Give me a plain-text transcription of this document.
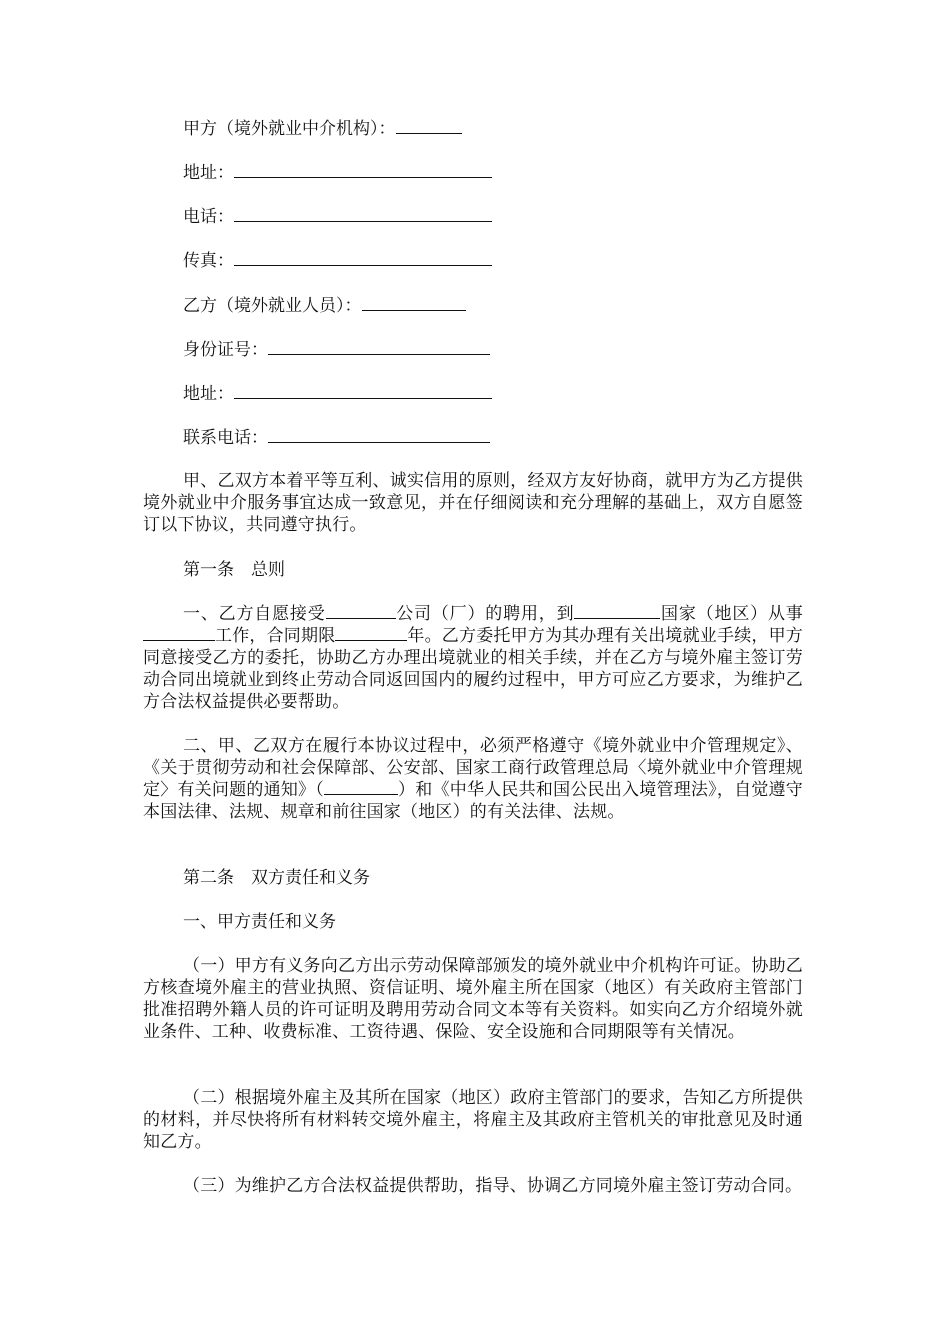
甲方（境外就业中介机构）：
地址：
电话：
传真：
乙方（境外就业人员）：
身份证号：
地址：
联系电话：

甲、乙双方本着平等互利、诚实信用的原则，经双方友好协商，就甲方为乙方提供境外就业中介服务事宜达成一致意见，并在仔细阅读和充分理解的基础上，双方自愿签订以下协议，共同遵守执行。

第一条　总则

一、乙方自愿接受	公司（厂）的聘用，到	国家（地区）从事工作，合同期限	年。乙方委托甲方为其办理有关出境就业手续，甲方同意接受乙方的委托，协助乙方办理出境就业的相关手续，并在乙方与境外雇主签订劳动合同出境就业到终止劳动合同返回国内的履约过程中，甲方可应乙方要求，为维护乙方合法权益提供必要帮助。

二、甲、乙双方在履行本协议过程中，必须严格遵守《境外就业中介管理规定》、《关于贯彻劳动和社会保障部、公安部、国家工商行政管理总局〈境外就业中介管理规定〉有关问题的通知》（	）和《中华人民共和国公民出入境管理法》，自觉遵守本国法律、法规、规章和前往国家（地区）的有关法律、法规。

第二条　双方责任和义务
一、甲方责任和义务

（一）甲方有义务向乙方出示劳动保障部颁发的境外就业中介机构许可证。协助乙方核查境外雇主的营业执照、资信证明、境外雇主所在国家（地区）有关政府主管部门批准招聘外籍人员的许可证明及聘用劳动合同文本等有关资料。如实向乙方介绍境外就业条件、工种、收费标准、工资待遇、保险、安全设施和合同期限等有关情况。

（二）根据境外雇主及其所在国家（地区）政府主管部门的要求，告知乙方所提供的材料，并尽快将所有材料转交境外雇主，将雇主及其政府主管机关的审批意见及时通知乙方。

（三）为维护乙方合法权益提供帮助，指导、协调乙方同境外雇主签订劳动合同。
